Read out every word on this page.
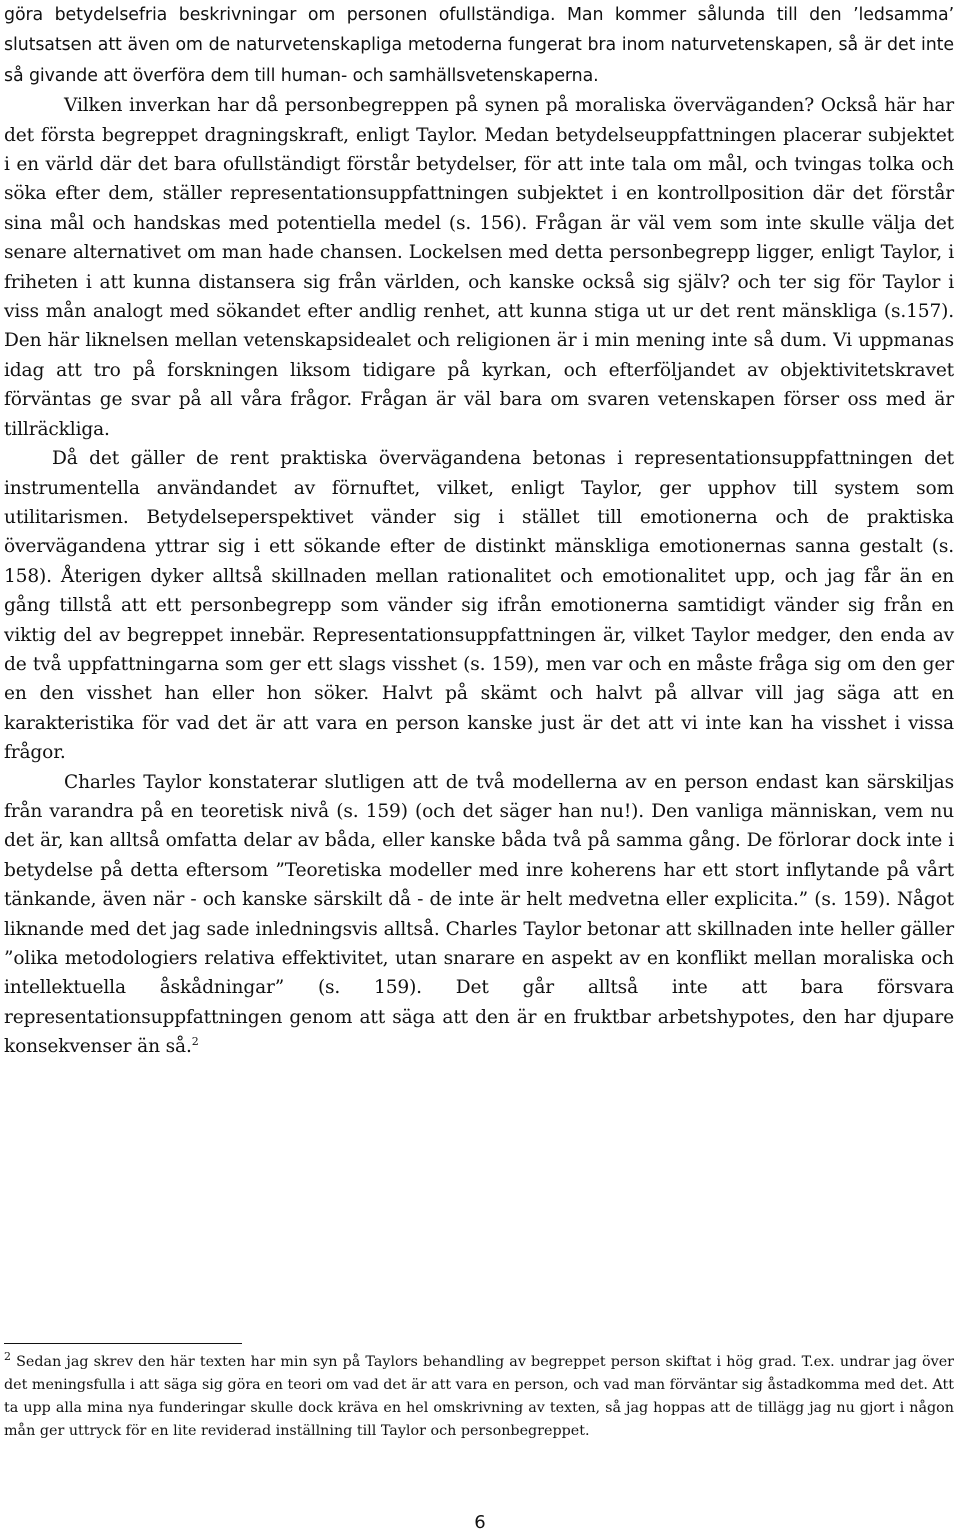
göra betydelsefria beskrivningar om personen ofullständiga. Man kommer sålunda till den ’ledsamma’ slutsatsen att även om de naturvetenskapliga metoderna fungerat bra inom naturvetenskapen, så är det inte så givande att överföra dem till human- och samhällsvetenskaperna.

Vilken inverkan har då personbegreppen på synen på moraliska överväganden? Också här har det första begreppet dragningskraft, enligt Taylor. Medan betydelseuppfattningen placerar subjektet i en värld där det bara ofullständigt förstår betydelser, för att inte tala om mål, och tvingas tolka och söka efter dem, ställer representationsuppfattningen subjektet i en kontrollposition där det förstår sina mål och handskas med potentiella medel (s. 156). Frågan är väl vem som inte skulle välja det senare alternativet om man hade chansen. Lockelsen med detta personbegrepp ligger, enligt Taylor, i friheten i att kunna distansera sig från världen, och kanske också sig själv? och ter sig för Taylor i viss mån analogt med sökandet efter andlig renhet, att kunna stiga ut ur det rent mänskliga (s.157). Den här liknelsen mellan vetenskapsidealet och religionen är i min mening inte så dum. Vi uppmanas idag att tro på forskningen liksom tidigare på kyrkan, och efterföljandet av objektivitetskravet förväntas ge svar på all våra frågor. Frågan är väl bara om svaren vetenskapen förser oss med är tillräckliga.

Då det gäller de rent praktiska övervägandena betonas i representationsuppfattningen det instrumentella användandet av förnuftet, vilket, enligt Taylor, ger upphov till system som utilitarismen. Betydelseperspektivet vänder sig i stället till emotionerna och de praktiska övervägandena yttrar sig i ett sökande efter de distinkt mänskliga emotionernas sanna gestalt (s. 158). Återigen dyker alltså skillnaden mellan rationalitet och emotionalitet upp, och jag får än en gång tillstå att ett personbegrepp som vänder sig ifrån emotionerna samtidigt vänder sig från en viktig del av begreppet innebär. Representationsuppfattningen är, vilket Taylor medger, den enda av de två uppfattningarna som ger ett slags visshet (s. 159), men var och en måste fråga sig om den ger en den visshet han eller hon söker. Halvt på skämt och halvt på allvar vill jag säga att en karakteristika för vad det är att vara en person kanske just är det att vi inte kan ha visshet i vissa frågor.

Charles Taylor konstaterar slutligen att de två modellerna av en person endast kan särskiljas från varandra på en teoretisk nivå (s. 159) (och det säger han nu!). Den vanliga människan, vem nu det är, kan alltså omfatta delar av båda, eller kanske båda två på samma gång. De förlorar dock inte i betydelse på detta eftersom ”Teoretiska modeller med inre koherens har ett stort inflytande på vårt tänkande, även när - och kanske särskilt då - de inte är helt medvetna eller explicita.” (s. 159). Något liknande med det jag sade inledningsvis alltså. Charles Taylor betonar att skillnaden inte heller gäller ”olika metodologiers relativa effektivitet, utan snarare en aspekt av en konflikt mellan moraliska och intellektuella åskådningar” (s. 159). Det går alltså inte att bara försvara representationsuppfattningen genom att säga att den är en fruktbar arbetshypotes, den har djupare konsekvenser än så.$^2$

$^2$ Sedan jag skrev den här texten har min syn på Taylors behandling av begreppet person skiftat i hög grad. T.ex. undrar jag över det meningsfulla i att säga sig göra en teori om vad det är att vara en person, och vad man förväntar sig åstadkomma med det. Att ta upp alla mina nya funderingar skulle dock kräva en hel omskrivning av texten, så jag hoppas att de tillägg jag nu gjort i någon mån ger uttryck för en lite reviderad inställning till Taylor och personbegreppet.

6
